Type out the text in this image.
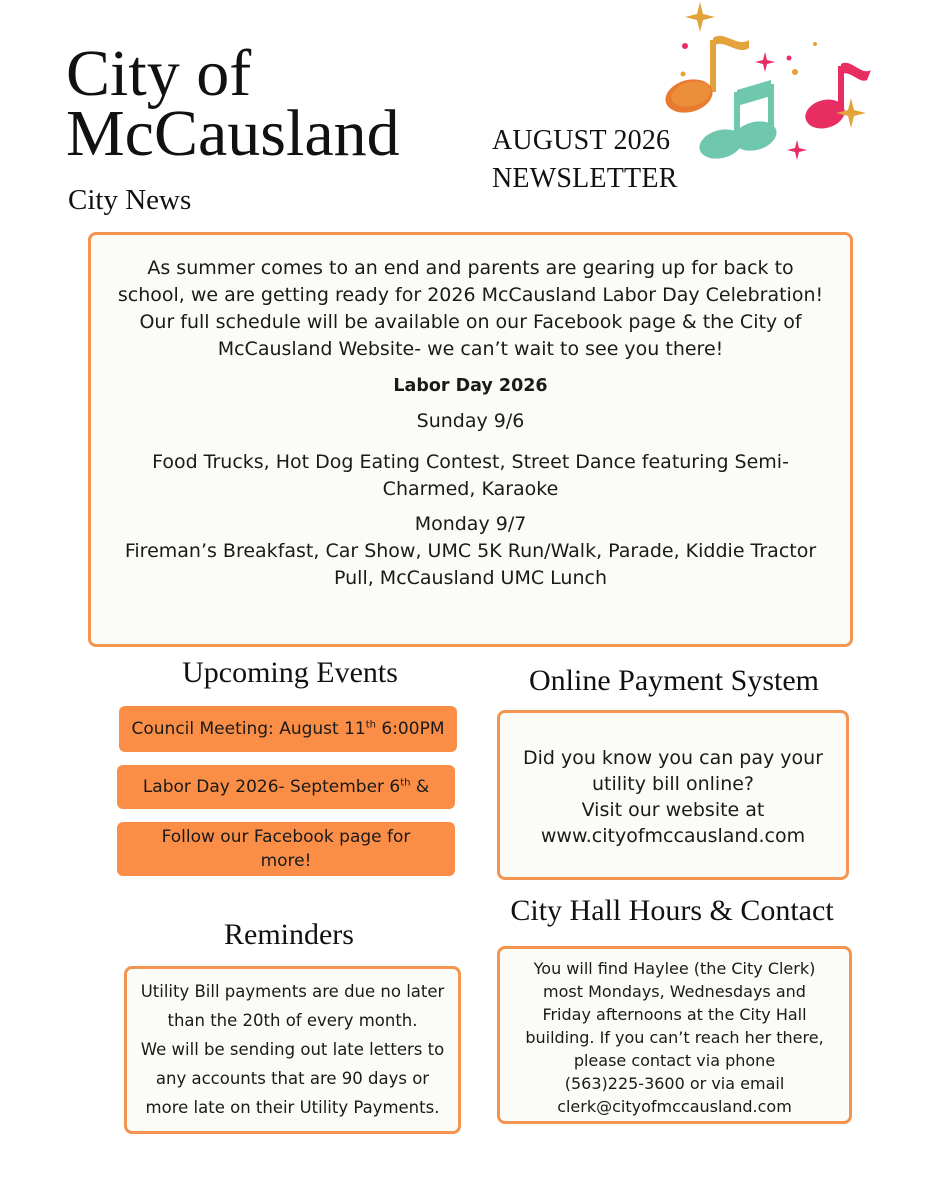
City of
McCausland
City News
AUGUST 2026
NEWSLETTER

As summer comes to an end and parents are gearing up for back to

school, we are getting ready for 2026 McCausland Labor Day Celebration!

Our full schedule will be available on our Facebook page & the City of

McCausland Website- we can’t wait to see you there!

Labor Day 2026

Sunday 9/6

Food Trucks, Hot Dog Eating Contest, Street Dance featuring Semi-

Charmed, Karaoke

Monday 9/7

Fireman’s Breakfast, Car Show, UMC 5K Run/Walk, Parade, Kiddie Tractor

Pull, McCausland UMC Lunch

Upcoming Events
Council Meeting: August 11th 6:00PM
Labor Day 2026- September 6th &
Follow our Facebook page for
more!
Online Payment System

Did you know you can pay your

utility bill online?

Visit our website at

www.cityofmccausland.com

Reminders

Utility Bill payments are due no later

than the 20th of every month.

We will be sending out late letters to

any accounts that are 90 days or

more late on their Utility Payments.

City Hall Hours & Contact

You will find Haylee (the City Clerk)

most Mondays, Wednesdays and

Friday afternoons at the City Hall

building. If you can’t reach her there,

please contact via phone

(563)225-3600 or via email

clerk@cityofmccausland.com
